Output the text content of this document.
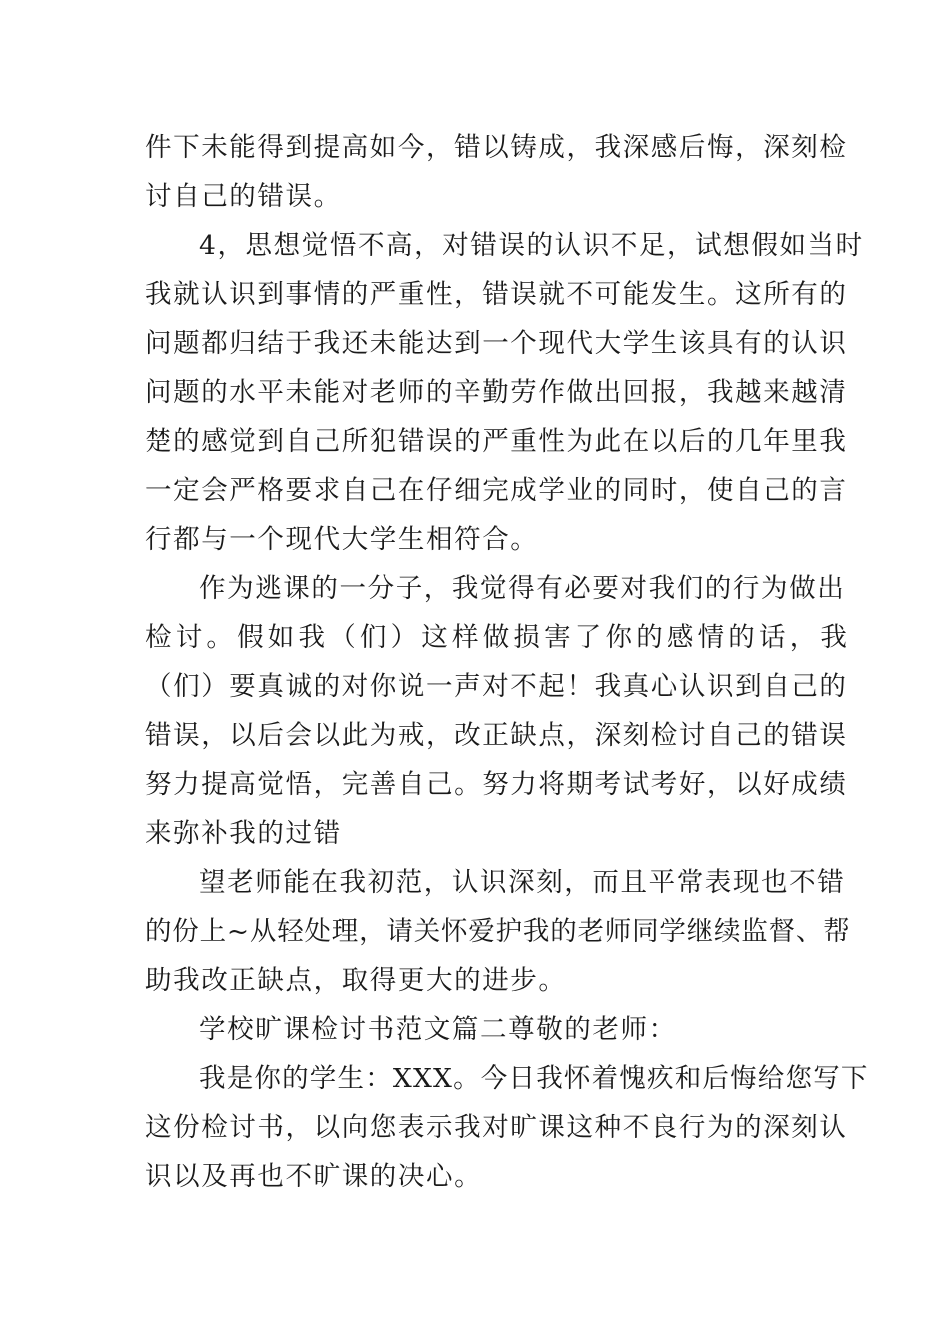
件下未能得到提高如今，错以铸成，我深感后悔，深刻检
讨自己的错误。

4，思想觉悟不高，对错误的认识不足，试想假如当时
我就认识到事情的严重性，错误就不可能发生。这所有的
问题都归结于我还未能达到一个现代大学生该具有的认识
问题的水平未能对老师的辛勤劳作做出回报，我越来越清
楚的感觉到自己所犯错误的严重性为此在以后的几年里我
一定会严格要求自己在仔细完成学业的同时，使自己的言
行都与一个现代大学生相符合。

作为逃课的一分子，我觉得有必要对我们的行为做出
检讨。假如我（们）这样做损害了你的感情的话，我
（们）要真诚的对你说一声对不起！我真心认识到自己的
错误，以后会以此为戒，改正缺点，深刻检讨自己的错误
努力提高觉悟，完善自己。努力将期考试考好，以好成绩
来弥补我的过错

望老师能在我初范，认识深刻，而且平常表现也不错
的份上~从轻处理，请关怀爱护我的老师同学继续监督、帮
助我改正缺点，取得更大的进步。

学校旷课检讨书范文篇二尊敬的老师：

我是你的学生：XXX。今日我怀着愧疚和后悔给您写下
这份检讨书，以向您表示我对旷课这种不良行为的深刻认
识以及再也不旷课的决心。
